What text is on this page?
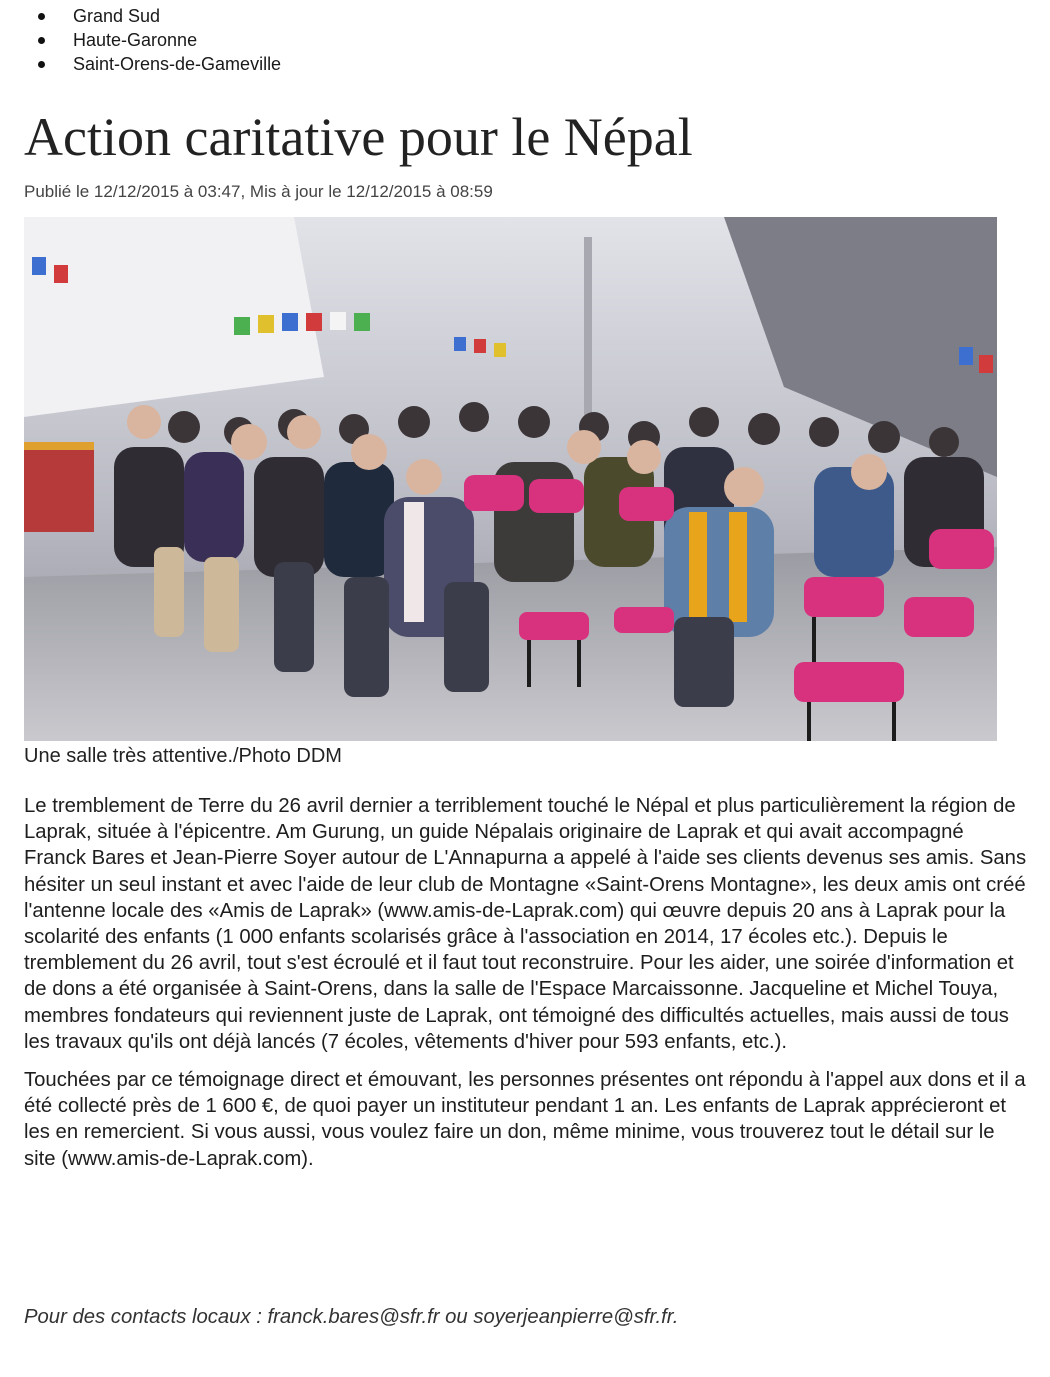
Grand Sud
Haute-Garonne
Saint-Orens-de-Gameville
Action caritative pour le Népal
Publié le 12/12/2015 à 03:47, Mis à jour le 12/12/2015 à 08:59
Une salle très attentive./Photo DDM

Le tremblement de Terre du 26 avril dernier a terriblement touché le Népal et plus particulièrement la région de Laprak, située à l'épicentre. Am Gurung, un guide Népalais originaire de Laprak et qui avait accompagné Franck Bares et Jean-Pierre Soyer autour de L'Annapurna a appelé à l'aide ses clients devenus ses amis. Sans hésiter un seul instant et avec l'aide de leur club de Montagne «Saint-Orens Montagne», les deux amis ont créé l'antenne locale des «Amis de Laprak» (www.amis-de-Laprak.com) qui œuvre depuis 20 ans à Laprak pour la scolarité des enfants (1 000 enfants scolarisés grâce à l'association en 2014, 17 écoles etc.). Depuis le tremblement du 26 avril, tout s'est écroulé et il faut tout reconstruire. Pour les aider, une soirée d'information et de dons a été organisée à Saint-Orens, dans la salle de l'Espace Marcaissonne. Jacqueline et Michel Touya, membres fondateurs qui reviennent juste de Laprak, ont témoigné des difficultés actuelles, mais aussi de tous les travaux qu'ils ont déjà lancés (7 écoles, vêtements d'hiver pour 593 enfants, etc.).

Touchées par ce témoignage direct et émouvant, les personnes présentes ont répondu à l'appel aux dons et il a été collecté près de 1 600 €, de quoi payer un instituteur pendant 1 an. Les enfants de Laprak apprécieront et les en remercient. Si vous aussi, vous voulez faire un don, même minime, vous trouverez tout le détail sur le site (www.amis-de-Laprak.com).

Pour des contacts locaux : franck.bares@sfr.fr ou soyerjeanpierre@sfr.fr.
